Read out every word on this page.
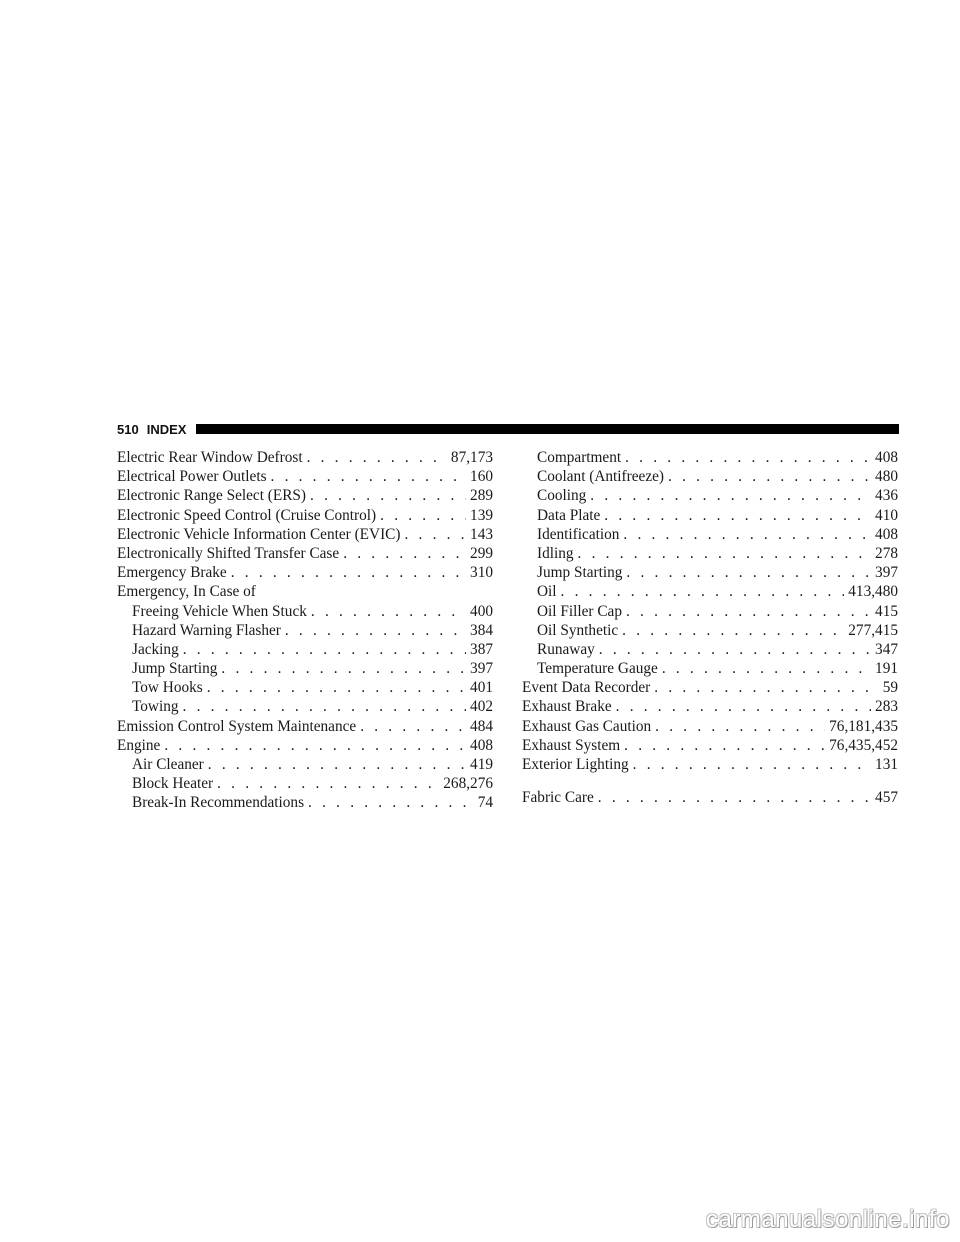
510 INDEX
Electric Rear Window Defrost . . .	87,173
Electrical Power Outlets . . .	160
Electronic Range Select (ERS) . . .	289
Electronic Speed Control (Cruise Control) . . .	139
Electronic Vehicle Information Center (EVIC) . . .	143
Electronically Shifted Transfer Case . . .	299
Emergency Brake . . .	310
Emergency, In Case of
Freeing Vehicle When Stuck . . .	400
Hazard Warning Flasher . . .	384
Jacking . . .	387
Jump Starting . . .	397
Tow Hooks . . .	401
Towing . . .	402
Emission Control System Maintenance . . .	484
Engine . . .	408
Air Cleaner . . .	419
Block Heater . . .	268,276
Break-In Recommendations . . .	74
Compartment . . .	408
Coolant (Antifreeze) . . .	480
Cooling . . .	436
Data Plate . . .	410
Identification . . .	408
Idling . . .	278
Jump Starting . . .	397
Oil . . .	413,480
Oil Filler Cap . . .	415
Oil Synthetic . . .	277,415
Runaway . . .	347
Temperature Gauge . . .	191
Event Data Recorder . . .	59
Exhaust Brake . . .	283
Exhaust Gas Caution . . .	76,181,435
Exhaust System . . .	76,435,452
Exterior Lighting . . .	131
Fabric Care . . .	457
carmanualsonline.info
